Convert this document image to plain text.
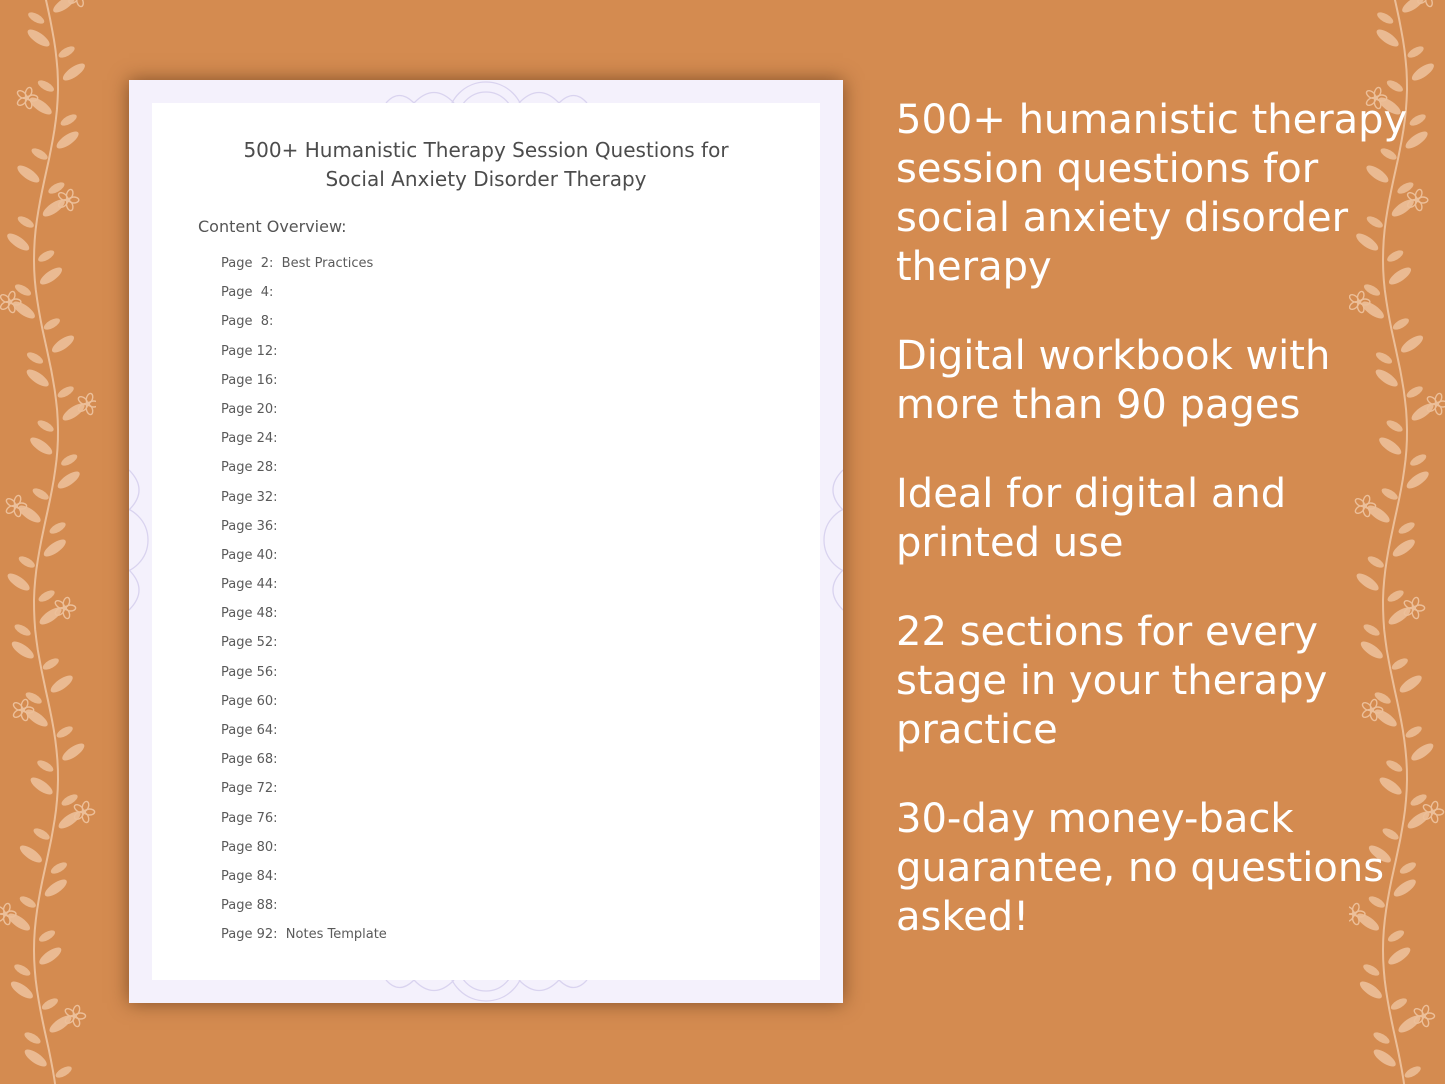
500+ Humanistic Therapy Session Questions for
Social Anxiety Disorder Therapy
Content Overview:
Page  2:  Best Practices
Page  4:
Page  8:
Page 12:
Page 16:
Page 20:
Page 24:
Page 28:
Page 32:
Page 36:
Page 40:
Page 44:
Page 48:
Page 52:
Page 56:
Page 60:
Page 64:
Page 68:
Page 72:
Page 76:
Page 80:
Page 84:
Page 88:
Page 92:  Notes Template

500+ humanistic therapy session questions for social anxiety disorder therapy

Digital workbook with more than 90 pages

Ideal for digital and printed use

22 sections for every stage in your therapy practice

30-day money-back guarantee, no questions asked!
